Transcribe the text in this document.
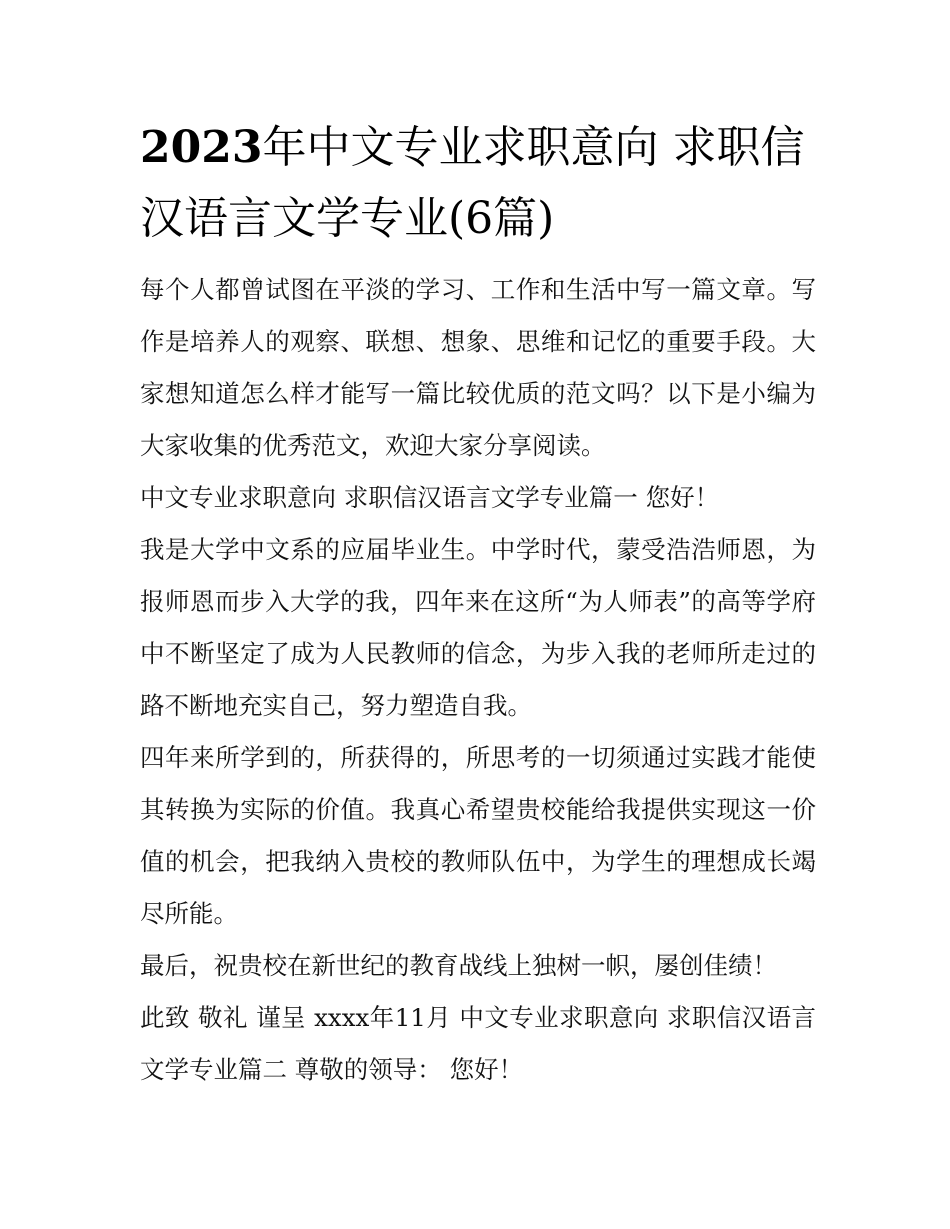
2023年中文专业求职意向 求职信汉语言文学专业(6篇)

每个人都曾试图在平淡的学习、工作和生活中写一篇文章。写作是培养人的观察、联想、想象、思维和记忆的重要手段。大家想知道怎么样才能写一篇比较优质的范文吗？以下是小编为大家收集的优秀范文，欢迎大家分享阅读。

中文专业求职意向 求职信汉语言文学专业篇一 您好！

我是大学中文系的应届毕业生。中学时代，蒙受浩浩师恩，为报师恩而步入大学的我，四年来在这所“为人师表”的高等学府中不断坚定了成为人民教师的信念，为步入我的老师所走过的路不断地充实自己，努力塑造自我。

四年来所学到的，所获得的，所思考的一切须通过实践才能使其转换为实际的价值。我真心希望贵校能给我提供实现这一价值的机会，把我纳入贵校的教师队伍中，为学生的理想成长竭尽所能。

最后，祝贵校在新世纪的教育战线上独树一帜，屡创佳绩！

此致 敬礼 谨呈 xxxx年11月 中文专业求职意向 求职信汉语言文学专业篇二 尊敬的领导： 您好！
